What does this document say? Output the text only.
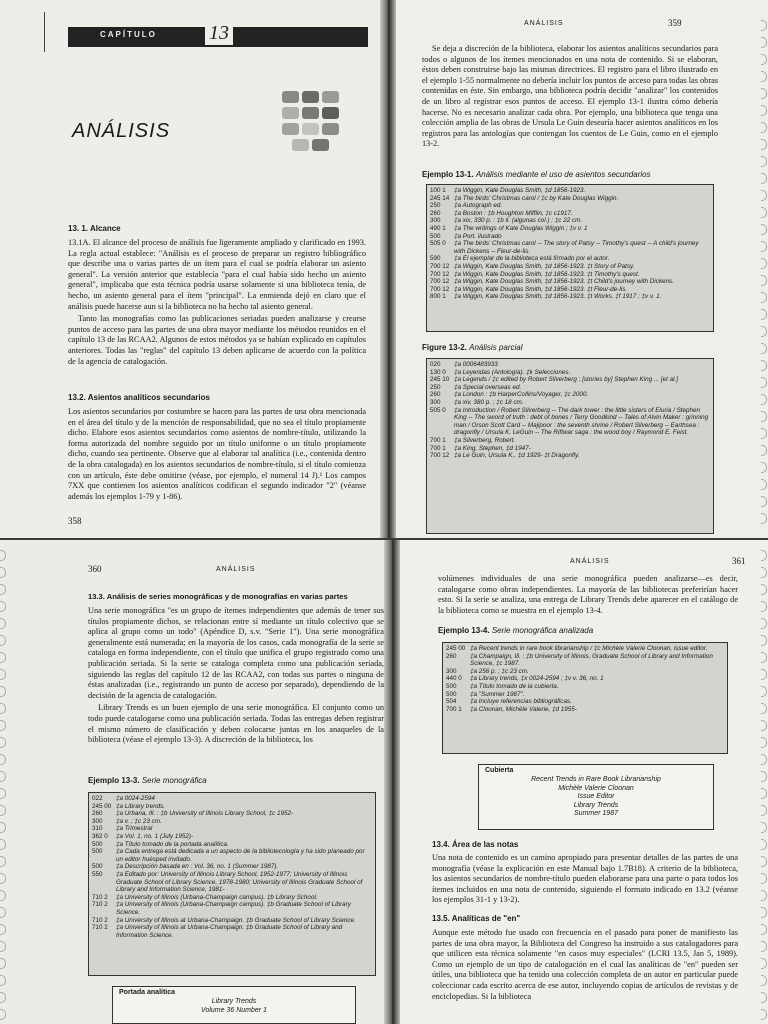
CAPÍTULO	13
ANÁLISIS
13. 1. Alcance

13.1A. El alcance del proceso de análisis fue ligeramente ampliado y clarificado en 1993. La regla actual establece: "Análisis es el proceso de preparar un registro bibliográfico que describe una o varias partes de un ítem para el cual se podría elaborar un asiento general". La versión anterior que establecía "para el cual había sido hecho un asiento general", implicaba que esta técnica podría usarse solamente si una biblioteca tenía, de hecho, un asiento general para el ítem "principal". La enmienda dejó en claro que el análisis puede hacerse aun si la biblioteca no ha hecho tal asiento general.

Tanto las monografías como las publicaciones seriadas pueden analizarse y crearse puntos de acceso para las partes de una obra mayor mediante los métodos reunidos en el capítulo 13 de las RCAA2. Algunos de estos métodos ya se habían explicado en capítulos anteriores. Todas las "reglas" del capítulo 13 deben aplicarse de acuerdo con la política de la agencia de catalogación.

13.2. Asientos analíticos secundarios

Los asientos secundarios por costumbre se hacen para las partes de una obra mencionada en el área del título y de la mención de responsabilidad, que no sea el título propiamente dicho. Elabore esos asientos secundarios como asientos de nombre-título, utilizando la forma autorizada del nombre seguido por un título uniforme o un título propiamente dicho, cuando sea pertinente. Observe que al elaborar tal analítica (i.e., contenida dentro de la obra catalogada) en los asientos secundarios de nombre-título, si el título comienza con un artículo, éste debe omitirse (véase, por ejemplo, el numeral 14 J).¹ Los campos 7XX que contienen los asientos analíticos codifican el segundo indicador "2" (véanse además los ejemplos 1-79 y 1-86).

358
ANÁLISIS	359

Se deja a discreción de la biblioteca, elaborar los asientos analíticos secundarios para todos o algunos de los ítemes mencionados en una nota de contenido. Si se elaboran, éstos deben construirse bajo las mismas directrices. El registro para el libro ilustrado en el ejemplo 1-55 normalmente no debería incluir los puntos de acceso para todas las obras contenidas en éste. Sin embargo, una biblioteca podría decidir "analizar" los contenidos de un libro al registrar esos puntos de acceso. El ejemplo 13-1 ilustra cómo debería hacerse. No es necesario analizar cada obra. Por ejemplo, una biblioteca que tenga una colección amplia de las obras de Ursula Le Guin desearía hacer asientos analíticos en los registros para las antologías que contengan los cuentos de Le Guin, como en el ejemplo 13-2.

Ejemplo 13-1. Análisis mediante el uso de asientos secundarios
100 1	‡a Wiggin, Kate Douglas Smith, ‡d 1856-1923.
245 14 ‡a The birds' Christmas carol / ‡c by Kate Douglas Wiggin.
250	‡a Autograph ed.
260	‡a Boston : ‡b Houghton Mifflin, ‡c c1917.
300	‡a xix, 330 p. : ‡b il. (algunas col.) ; ‡c 22 cm.
490 1	‡a The writings of Kate Douglas Wiggin ; ‡v v. 1
500	‡a Port. ilustrado
505 0	‡a The birds' Christmas carol -- The story of Patsy -- Timothy's quest -- A child's journey with Dickens -- Fleur-de-lis.
590	‡a El ejemplar de la biblioteca está firmado por el autor.
700 12 ‡a Wiggin, Kate Douglas Smith, ‡d 1856-1923. ‡t Story of Patsy.
700 12 ‡a Wiggin, Kate Douglas Smith, ‡d 1856-1923. ‡t Timothy's quest.
700 12 ‡a Wiggin, Kate Douglas Smith, ‡d 1856-1923. ‡t Child's journey with Dickens.
700 12 ‡a Wiggin, Kate Douglas Smith, ‡d 1856-1923. ‡t Fleur-de-lis.
800 1	‡a Wiggin, Kate Douglas Smith, ‡d 1856-1923. ‡t Works. ‡f 1917 ; ‡v v. 1.
Figure 13-2. Análisis parcial
020	‡a 0006483933
130 0	‡a Leyendas (Antología). ‡k Selecciones.
245 10 ‡a Legends / ‡c edited by Robert Silverberg ; [stories by] Stephen King ... [et al.]
250	‡a Special overseas ed.
260	‡a London : ‡b HarperCollins/Voyager, ‡c 2000.
300	‡a xiv, 380 p. ; ‡c 18 cm.
505 0	‡a Introduction / Robert Silverberg -- The dark tower : the little sisters of Eluria / Stephen King -- The sword of truth : debt of bones / Terry Goodkind -- Tales of Alvin Maker : grinning man / Orson Scott Card -- Majipoor : the seventh shrine / Robert Silverberg -- Earthsea : dragonfly / Ursula K. LeGuin -- The Riftwar saga : the wood boy / Raymond E. Feist.
700 1	‡a Silverberg, Robert.
700 1	‡a King, Stephen, ‡d 1947-
700 12 ‡a Le Guin, Ursula K., ‡d 1929- ‡t Dragonfly.
360	ANÁLISIS
13.3. Análisis de series monográficas y de monografías en varias partes

Una serie monográfica "es un grupo de ítemes independientes que además de tener sus títulos propiamente dichos, se relacionan entre sí mediante un título colectivo que se aplica al grupo como un todo" (Apéndice D, s.v. "Serie 1"). Una serie monográfica generalmente está numerada; en la mayoría de los casos, cada monografía de la serie se cataloga en forma independiente, con el título que unifica el grupo registrado como una publicación seriada. Si la serie se cataloga completa como una publicación seriada, siguiendo las reglas del capítulo 12 de las RCAA2, con todas sus partes o ninguna de éstas analizadas (i.e., registrando un punto de acceso por separado), dependiendo de la decisión de la agencia de catalogación.

Library Trends es un buen ejemplo de una serie monográfica. El conjunto como un todo puede catalogarse como una publicación seriada. Todas las entregas deben registrar el mismo número de clasificación y deben colocarse juntas en los anaqueles de la biblioteca (véase el ejemplo 13-3). A discreción de la biblioteca, los

Ejemplo 13-3. Serie monográfica
022	‡a 0024-2594
245 00 ‡a Library trends.
260	‡a Urbana, Ill. : ‡b University of Illinois Library School, ‡c 1952-
300	‡a v. ; ‡c 23 cm.
310	‡a Trimestral
362 0	‡a Vol. 1, no. 1 (July 1952)-
500	‡a Título tomado de la portada analítica.
500	‡a Cada entrega está dedicada a un aspecto de la bibliotecología y ha sido planeado por un editor huésped invitado.
500	‡a Descripción basada en : Vol. 36, no. 1 (Summer 1987).
550	‡a Editado por: University of Illinois Library School, 1952-1977; University of Illinois Graduate School of Library Science, 1978-1980; University of Illinois Graduate School of Library and Information Science, 1981-
710 2	‡a University of Illinois (Urbana-Champaign campus). ‡b Library School.
710 2	‡a University of Illinois (Urbana-Champaign campus). ‡b Graduate School of Library Science.
710 2	‡a University of Illinois at Urbana-Champaign. ‡b Graduate School of Library Science.
710 2	‡a University of Illinois at Urbana-Champaign. ‡b Graduate School of Library and Information Science.
Portada analítica
Library Trends
Volume 36 Number 1
ANÁLISIS	361

volúmenes individuales de una serie monográfica pueden analizarse—es decir, catalogarse como obras independientes. La mayoría de las bibliotecas preferirían hacer esto. Si la serie se analiza, una entrega de Library Trends debe aparecer en el catálogo de la biblioteca como se muestra en el ejemplo 13-4.

Ejemplo 13-4. Serie monográfica analizada
245 00 ‡a Recent trends in rare book librarianship / ‡c Michèle Valerie Cloonan, issue editor.
260	‡a Champaign, Ill. : ‡b University of Illinois, Graduate School of Library and Information Science, ‡c 1987.
300	‡a 256 p. ; ‡c 23 cm.
440 0	‡a Library trends, ‡x 0024-2594 ; ‡v v. 36, no. 1
500	‡a Título tomado de la cubierta.
500	‡a "Summer 1987".
504	‡a Incluye referencias bibliográficas.
700 1	‡a Cloonan, Michèle Valerie, ‡d 1955-
Cubierta
Recent Trends in Rare Book Librarianship
Michèle Valerie Cloonan
Issue Editor
Library Trends
Summer 1987
13.4. Área de las notas

Una nota de contenido es un camino apropiado para presentar detalles de las partes de una monografía (véase la explicación en este Manual bajo 1.7B18). A criterio de la biblioteca, los asientos secundarios de nombre-título pueden elaborarse para una parte o para todos los ítemes incluidos en una nota de contenido, siguiendo el formato indicado en 13.2 (véanse los ejemplos 31-1 y 13-2).

13.5. Analíticas de "en"

Aunque este método fue usado con frecuencia en el pasado para poner de manifiesto las partes de una obra mayor, la Biblioteca del Congreso ha instruido a sus catalogadores para que utilicen esta técnica solamente "en casos muy especiales" (LCRI 13.5, Jan 5, 1989). Como un ejemplo de un tipo de catalogación en el cual las analíticas de "en" pueden ser útiles, una biblioteca que ha tenido una colección completa de un autor en particular puede coleccionar cada escrito acerca de ese autor, incluyendo copias de artículos de revistas y de enciclopedias. Si la biblioteca
